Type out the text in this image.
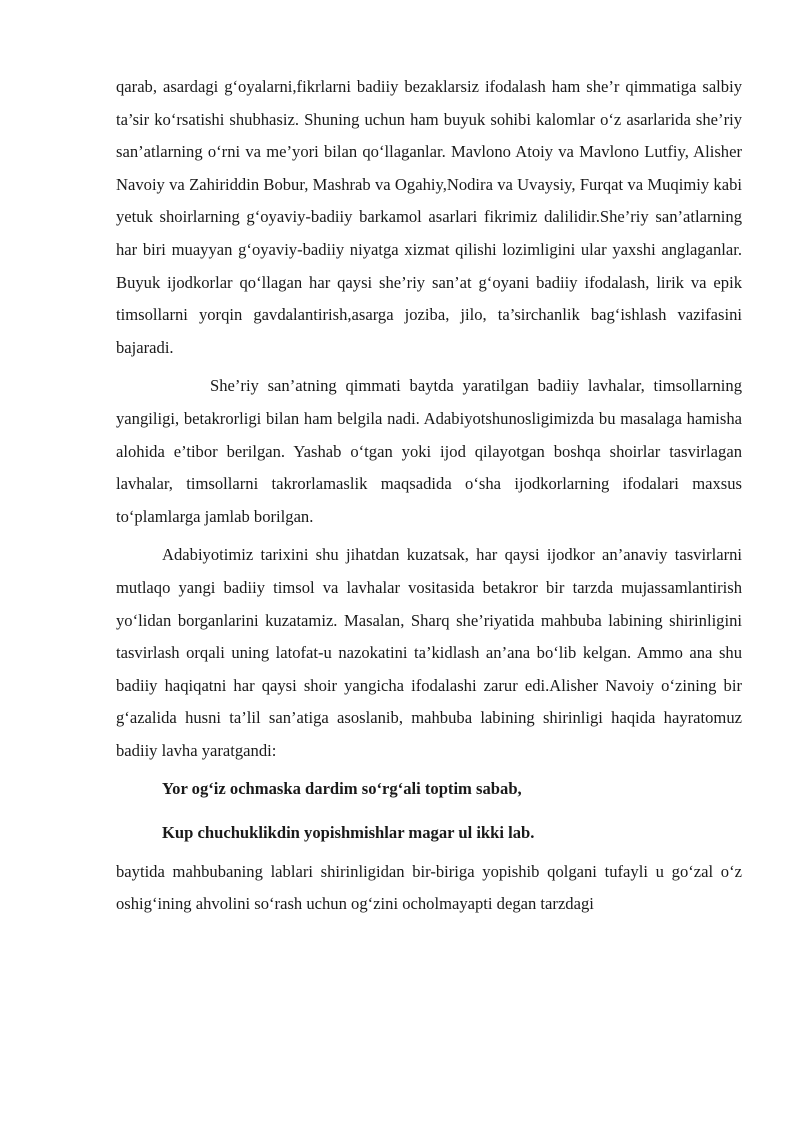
qarab, asardagi g‘oyalarni,fikrlarni badiiy bezaklarsiz ifodalash ham she’r qimmatiga salbiy ta’sir ko‘rsatishi shubhasiz. Shuning uchun ham buyuk sohibi kalomlar o‘z asarlarida she’riy san’atlarning o‘rni va me’yori bilan qo‘llaganlar. Mavlono Atoiy va Mavlono Lutfiy, Alisher Navoiy va Zahiriddin Bobur, Mashrab va Ogahiy,Nodira va Uvaysiy, Furqat va Muqimiy kabi yetuk shoirlarning g‘oyaviy-badiiy barkamol asarlari fikrimiz dalilidir.She’riy san’atlarning har biri muayyan g‘oyaviy-badiiy niyatga xizmat qilishi lozimligini ular yaxshi anglaganlar. Buyuk ijodkorlar qo‘llagan har qaysi she’riy san’at g‘oyani badiiy ifodalash, lirik va epik timsollarni yorqin gavdalantirish,asarga joziba, jilo, ta’sirchanlik bag‘ishlash vazifasini bajaradi.

She’riy san’atning qimmati baytda yaratilgan badiiy lavhalar, timsollarning yangiligi, betakrorligi bilan ham belgila nadi. Adabiyotshunosligimizda bu masalaga hamisha alohida e’tibor berilgan. Yashab o‘tgan yoki ijod qilayotgan boshqa shoirlar tasvirlagan lavhalar, timsollarni takrorlamaslik maqsadida o‘sha ijodkorlarning ifodalari maxsus to‘plamlarga jamlab borilgan.

Adabiyotimiz tarixini shu jihatdan kuzatsak, har qaysi ijodkor an’anaviy tasvirlarni mutlaqo yangi badiiy timsol va lavhalar vositasida betakror bir tarzda mujassamlantirish yo‘lidan borganlarini kuzatamiz. Masalan, Sharq she’riyatida mahbuba labining shirinligini tasvirlash orqali uning latofat-u nazokatini ta’kidlash an’ana bo‘lib kelgan. Ammo ana shu badiiy haqiqatni har qaysi shoir yangicha ifodalashi zarur edi.Alisher Navoiy o‘zining bir g‘azalida husni ta’lil san’atiga asoslanib, mahbuba labining shirinligi haqida hayratomuz badiiy lavha yaratgandi:

Yor og‘iz ochmaska dardim so‘rg‘ali toptim sabab,

Kup chuchuklikdin yopishmishlar magar ul ikki lab.

baytida mahbubaning lablari shirinligidan bir-biriga yopishib qolgani tufayli u go‘zal o‘z oshig‘ining ahvolini so‘rash uchun og‘zini ocholmayapti degan tarzdagi
